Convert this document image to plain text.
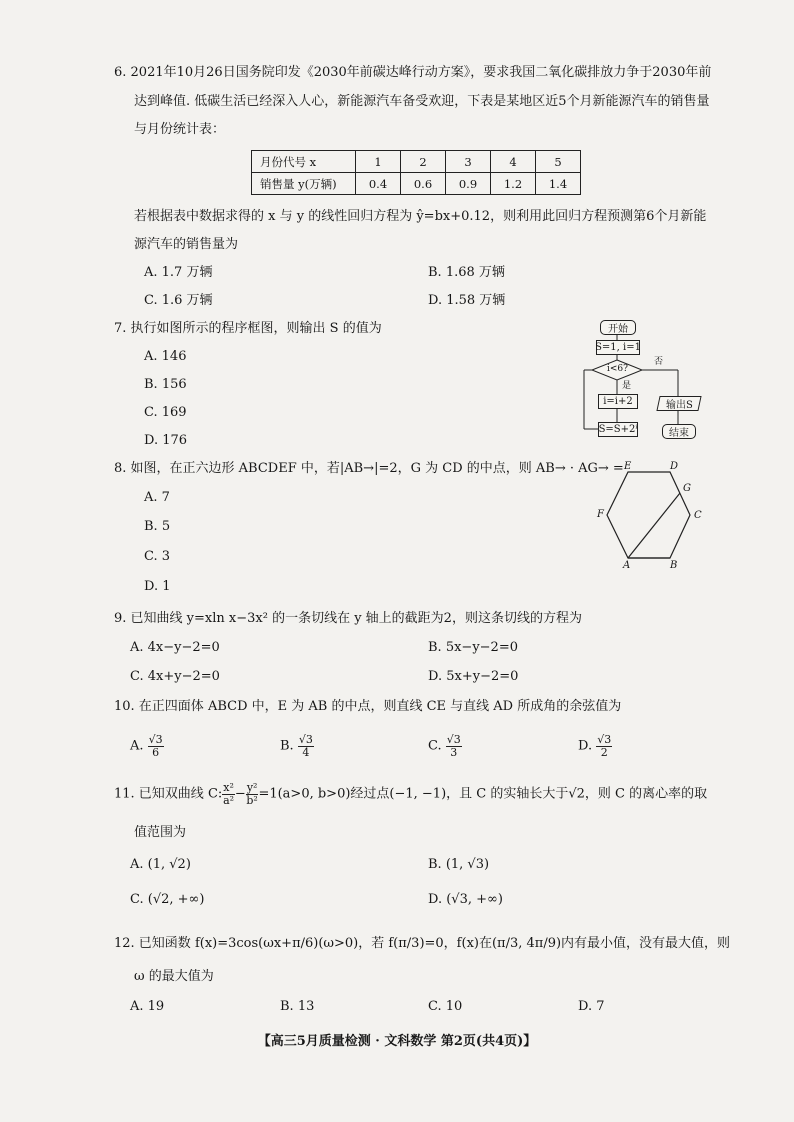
6. 2021年10月26日国务院印发《2030年前碳达峰行动方案》，要求我国二氧化碳排放力争于2030年前
达到峰值. 低碳生活已经深入人心，新能源汽车备受欢迎，下表是某地区近5个月新能源汽车的销售量
与月份统计表：
月份代号 x	1	2	3	4	5
销售量 y(万辆)	0.4	0.6	0.9	1.2	1.4
若根据表中数据求得的 x 与 y 的线性回归方程为 ŷ=bx+0.12，则利用此回归方程预测第6个月新能
源汽车的销售量为
A. 1.7 万辆	B. 1.68 万辆
C. 1.6 万辆	D. 1.58 万辆
7. 执行如图所示的程序框图，则输出 S 的值为
A. 146
B. 156
C. 169
D. 176
开始
S=1, i=1
i<6?
是
否
i=i+2
S=S+2ⁱ
输出S
结束
8. 如图，在正六边形 ABCDEF 中，若|AB→|=2，G 为 CD 的中点，则 AB→ · AG→ =
A. 7
B. 5
C. 3
D. 1
A	B
C
D
E
F
G
9. 已知曲线 y=xln x−3x² 的一条切线在 y 轴上的截距为2，则这条切线的方程为
A. 4x−y−2=0	B. 5x−y−2=0
C. 4x+y−2=0	D. 5x+y−2=0
10. 在正四面体 ABCD 中，E 为 AB 的中点，则直线 CE 与直线 AD 所成角的余弦值为
A. $\frac{√3}{6}$	B. $\frac{√3}{4}$	C. $\frac{√3}{3}$	D. $\frac{√3}{2}$
11. 已知双曲线 C: $\frac{\text{x²}}{\text{a²}} - \frac{\text{y²}}{\text{b²}} =1(a>0$, b>0)经过点(−1, −1)，且 C 的实轴长大于√2，则 C 的离心率的取
值范围为
A. (1, √2)	B. (1, √3)
C. (√2, +∞)	D. (√3, +∞)
12. 已知函数 f(x)=3cos(ωx+π/6)(ω>0)，若 f(π/3)=0，f(x)在(π/3, 4π/9)内有最小值，没有最大值，则
ω 的最大值为
A. 19	B. 13	C. 10	D. 7
【高三5月质量检测 · 文科数学 第2页(共4页)】
